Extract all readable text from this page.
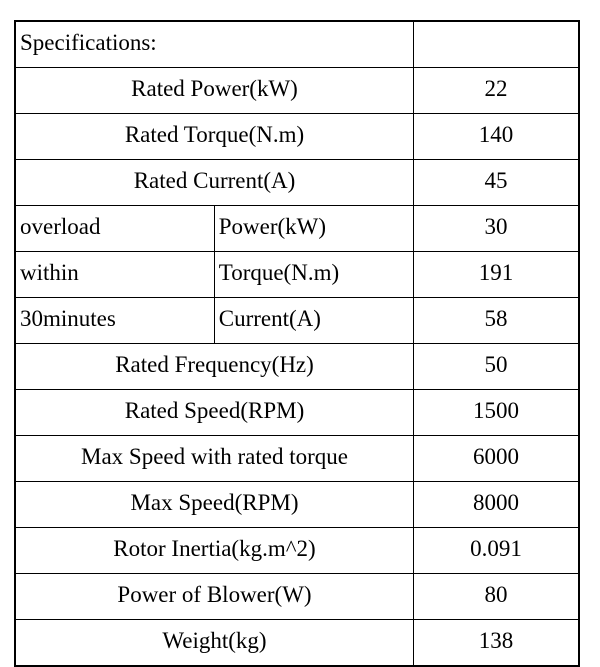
Specifications:		
Rated Power(kW)		22
Rated Torque(N.m)		140
Rated Current(A)		45
overload	Power(kW)	30
within	Torque(N.m)	191
30minutes	Current(A)	58
Rated Frequency(Hz)		50
Rated Speed(RPM)		1500
Max Speed with rated torque		6000
Max Speed(RPM)		8000
Rotor Inertia(kg.m^2)		0.091
Power of Blower(W)		80
Weight(kg)		138
